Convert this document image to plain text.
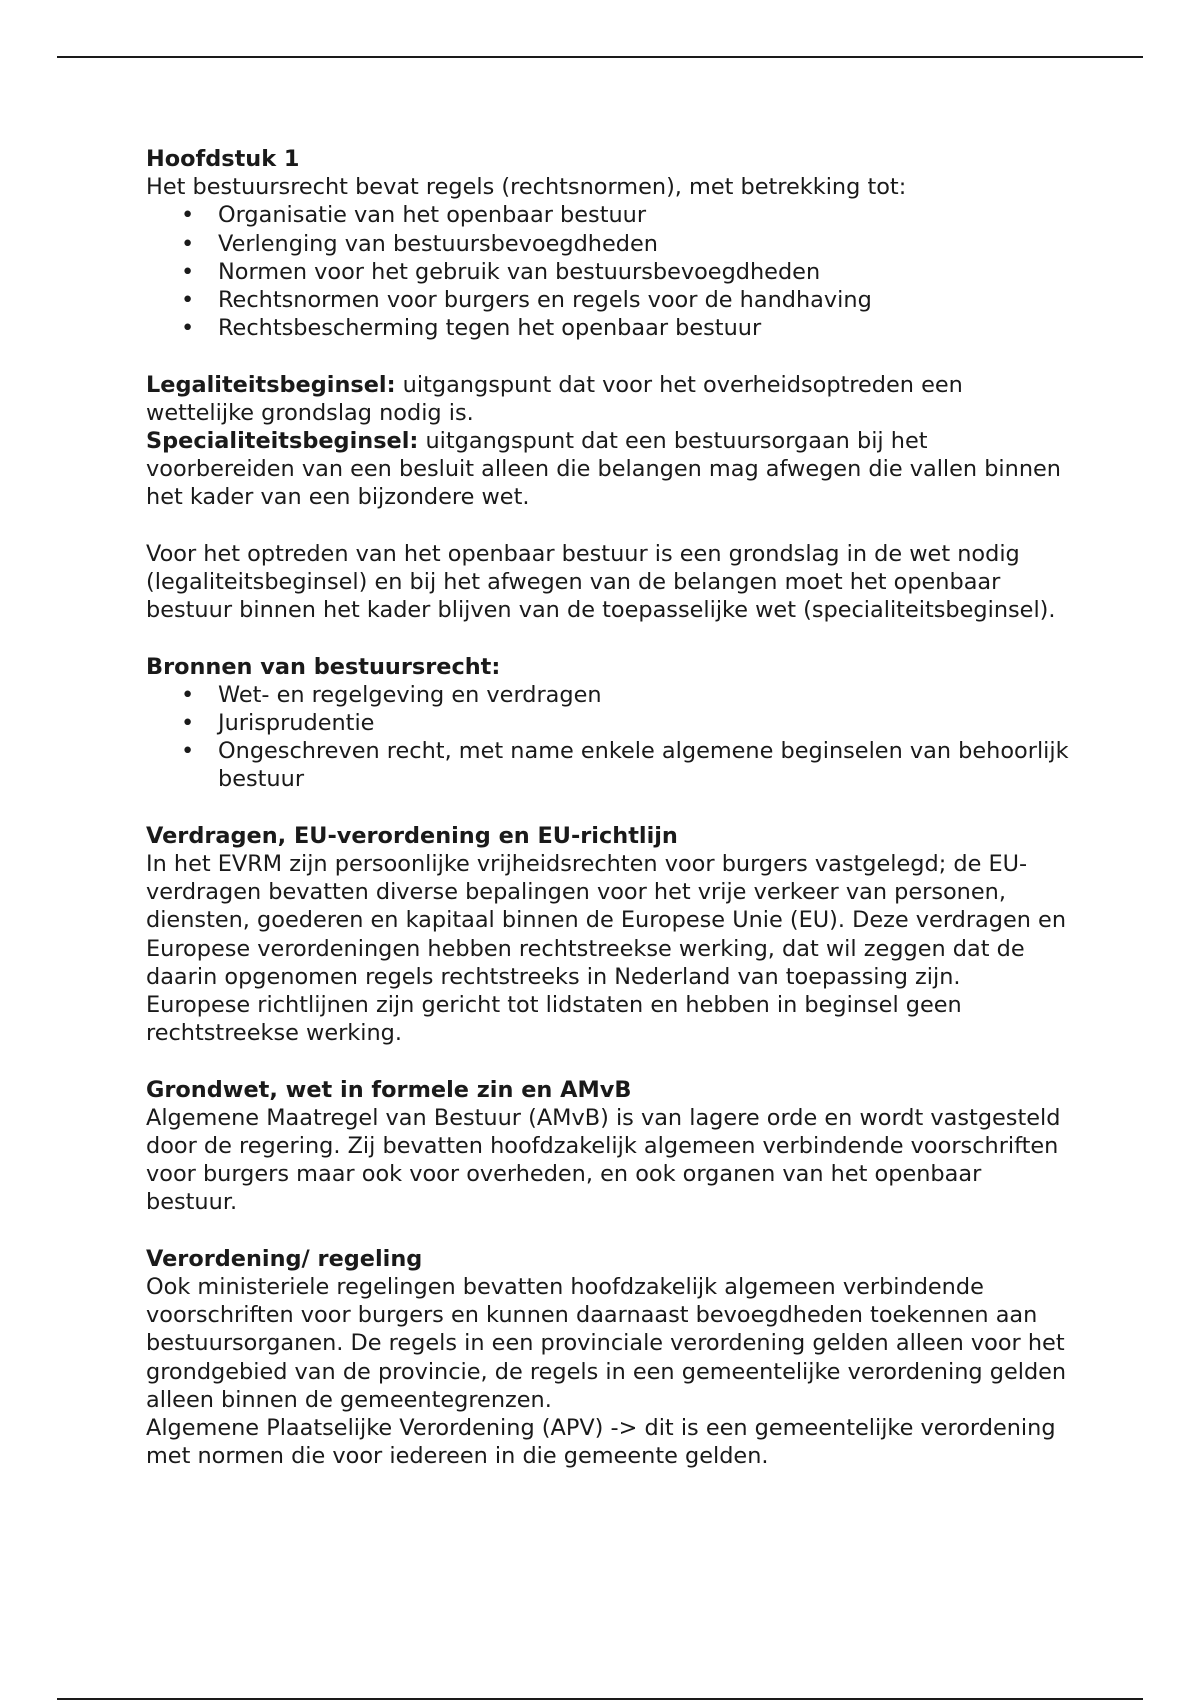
Hoofdstuk 1

Het bestuursrecht bevat regels (rechtsnormen), met betrekking tot:

• Organisatie van het openbaar bestuur
• Verlenging van bestuursbevoegdheden
• Normen voor het gebruik van bestuursbevoegdheden
• Rechtsnormen voor burgers en regels voor de handhaving
• Rechtsbescherming tegen het openbaar bestuur

Legaliteitsbeginsel: uitgangspunt dat voor het overheidsoptreden een wettelijke grondslag nodig is.

Specialiteitsbeginsel: uitgangspunt dat een bestuursorgaan bij het voorbereiden van een besluit alleen die belangen mag afwegen die vallen binnen het kader van een bijzondere wet.

Voor het optreden van het openbaar bestuur is een grondslag in de wet nodig (legaliteitsbeginsel) en bij het afwegen van de belangen moet het openbaar bestuur binnen het kader blijven van de toepasselijke wet (specialiteitsbeginsel).

Bronnen van bestuursrecht:

• Wet- en regelgeving en verdragen
• Jurisprudentie
• Ongeschreven recht, met name enkele algemene beginselen van behoorlijk bestuur

Verdragen, EU-verordening en EU-richtlijn

In het EVRM zijn persoonlijke vrijheidsrechten voor burgers vastgelegd; de EU-verdragen bevatten diverse bepalingen voor het vrije verkeer van personen, diensten, goederen en kapitaal binnen de Europese Unie (EU). Deze verdragen en Europese verordeningen hebben rechtstreekse werking, dat wil zeggen dat de daarin opgenomen regels rechtstreeks in Nederland van toepassing zijn.

Europese richtlijnen zijn gericht tot lidstaten en hebben in beginsel geen rechtstreekse werking.

Grondwet, wet in formele zin en AMvB

Algemene Maatregel van Bestuur (AMvB) is van lagere orde en wordt vastgesteld door de regering. Zij bevatten hoofdzakelijk algemeen verbindende voorschriften voor burgers maar ook voor overheden, en ook organen van het openbaar bestuur.

Verordening/ regeling

Ook ministeriele regelingen bevatten hoofdzakelijk algemeen verbindende voorschriften voor burgers en kunnen daarnaast bevoegdheden toekennen aan bestuursorganen. De regels in een provinciale verordening gelden alleen voor het grondgebied van de provincie, de regels in een gemeentelijke verordening gelden alleen binnen de gemeentegrenzen.

Algemene Plaatselijke Verordening (APV) -> dit is een gemeentelijke verordening met normen die voor iedereen in die gemeente gelden.
